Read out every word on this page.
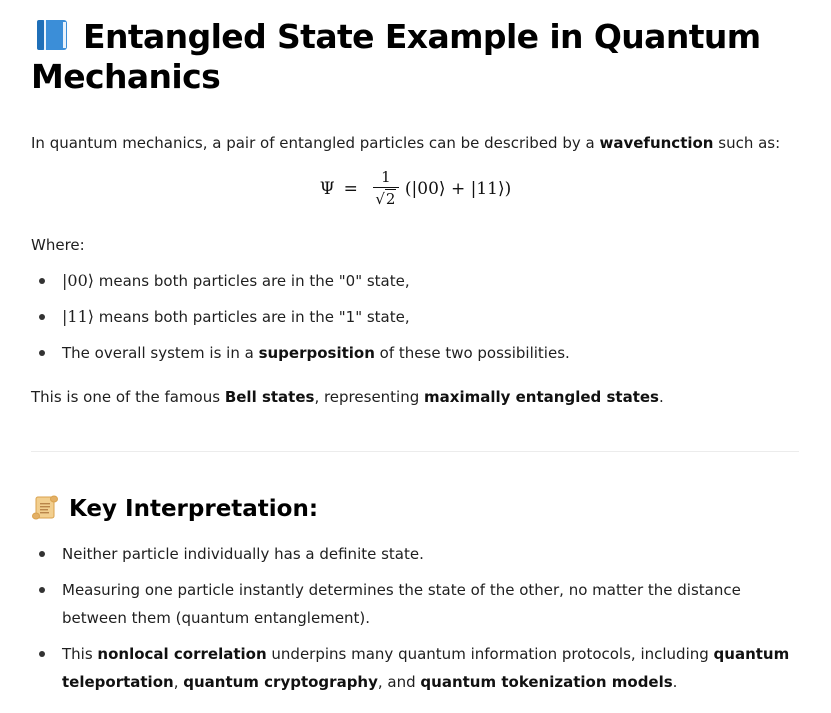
Entangled State Example in Quantum Mechanics

In quantum mechanics, a pair of entangled particles can be described by a wavefunction such as:

$\Psi = \frac{1}{√2}$ (|00⟩ + |11⟩)

Where:

|00⟩ means both particles are in the "0" state,
|11⟩ means both particles are in the "1" state,
The overall system is in a superposition of these two possibilities.

This is one of the famous Bell states, representing maximally entangled states.

Key Interpretation:
Neither particle individually has a definite state.
Measuring one particle instantly determines the state of the other, no matter the distance between them (quantum entanglement).
This nonlocal correlation underpins many quantum information protocols, including quantum teleportation, quantum cryptography, and quantum tokenization models.
